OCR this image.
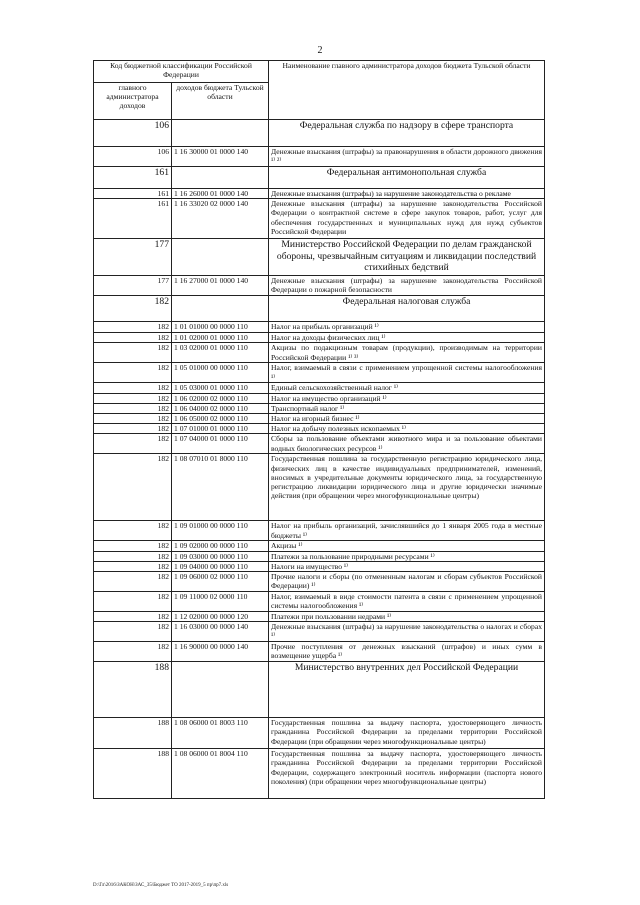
2
Код бюджетной классификации Российской Федерации		Наименование главного администратора доходов бюджета Тульской области
главного администратора доходов	доходов бюджета Тульской области	
106		Федеральная служба по надзору в сфере транспорта
106	1 16 30000 01 0000 140	Денежные взыскания (штрафы) за правонарушения в области дорожного движения ¹⁾ ²⁾
161		Федеральная антимонопольная служба
161	1 16 26000 01 0000 140	Денежные взыскания (штрафы) за нарушение законодательства о рекламе
161	1 16 33020 02 0000 140	Денежные взыскания (штрафы) за нарушение законодательства Российской Федерации о контрактной системе в сфере закупок товаров, работ, услуг для обеспечения государственных и муниципальных нужд для нужд субъектов Российской Федерации
177		Министерство Российской Федерации по делам гражданской обороны, чрезвычайным ситуациям и ликвидации последствий стихийных бедствий
177	1 16 27000 01 0000 140	Денежные взыскания (штрафы) за нарушение законодательства Российской Федерации о пожарной безопасности
182		Федеральная налоговая служба
182	1 01 01000 00 0000 110	Налог на прибыль организаций ¹⁾
182	1 01 02000 01 0000 110	Налог на доходы физических лиц ¹⁾
182	1 03 02000 01 0000 110	Акцизы по подакцизным товарам (продукции), производимым на территории Российской Федерации ¹⁾ ³⁾
182	1 05 01000 00 0000 110	Налог, взимаемый в связи с применением упрощенной системы налогообложения ¹⁾
182	1 05 03000 01 0000 110	Единый сельскохозяйственный налог ¹⁾
182	1 06 02000 02 0000 110	Налог на имущество организаций ¹⁾
182	1 06 04000 02 0000 110	Транспортный налог ¹⁾
182	1 06 05000 02 0000 110	Налог на игорный бизнес ¹⁾
182	1 07 01000 01 0000 110	Налог на добычу полезных ископаемых ¹⁾
182	1 07 04000 01 0000 110	Сборы за пользование объектами животного мира и за пользование объектами водных биологических ресурсов ¹⁾
182	1 08 07010 01 8000 110	Государственная пошлина за государственную регистрацию юридического лица, физических лиц в качестве индивидуальных предпринимателей, изменений, вносимых в учредительные документы юридического лица, за государственную регистрацию ликвидации юридического лица и другие юридически значимые действия (при обращении через многофункциональные центры)
182	1 09 01000 00 0000 110	Налог на прибыль организаций, зачислявшийся до 1 января 2005 года в местные бюджеты ¹⁾
182	1 09 02000 00 0000 110	Акцизы ¹⁾
182	1 09 03000 00 0000 110	Платежи за пользование природными ресурсами ¹⁾
182	1 09 04000 00 0000 110	Налоги на имущество ¹⁾
182	1 09 06000 02 0000 110	Прочие налоги и сборы (по отмененным налогам и сборам субъектов Российской Федерации) ¹⁾
182	1 09 11000 02 0000 110	Налог, взимаемый в виде стоимости патента в связи с применением упрощенной системы налогообложения ¹⁾
182	1 12 02000 00 0000 120	Платежи при пользовании недрами ¹⁾
182	1 16 03000 00 0000 140	Денежные взыскания (штрафы) за нарушение законодательства о налогах и сборах ¹⁾
182	1 16 90000 00 0000 140	Прочие поступления от денежных взысканий (штрафов) и иных сумм в возмещение ущерба ¹⁾
188		Министерство внутренних дел Российской Федерации
188	1 08 06000 01 8003 110	Государственная пошлина за выдачу паспорта, удостоверяющего личность гражданина Российской Федерации за пределами территории Российской Федерации (при обращении через многофункциональные центры)
188	1 08 06000 01 8004 110	Государственная пошлина за выдачу паспорта, удостоверяющего личность гражданина Российской Федерации за пределами территории Российской Федерации, содержащего электронный носитель информации (паспорта нового поколения) (при обращении через многофункциональные центры)
D:\Гл\2016\ЗАКОН\ЗАС_35\Бюджет ТО 2017-2019_5 пр\пр7.xls
